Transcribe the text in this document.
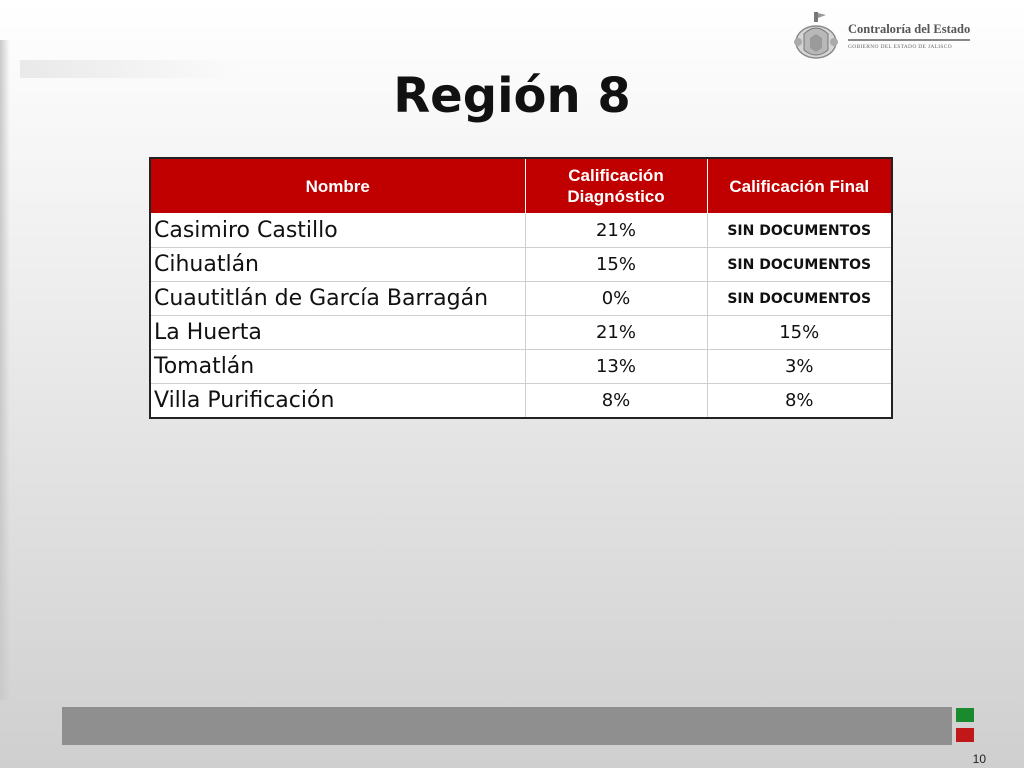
Contraloría del Estado
GOBIERNO DEL ESTADO DE JALISCO
Región 8
Nombre	Calificación Diagnóstico	Calificación Final
Casimiro Castillo	21%	SIN DOCUMENTOS
Cihuatlán	15%	SIN DOCUMENTOS
Cuautitlán de García Barragán	0%	SIN DOCUMENTOS
La Huerta	21%	15%
Tomatlán	13%	3%
Villa Purificación	8%	8%
10
